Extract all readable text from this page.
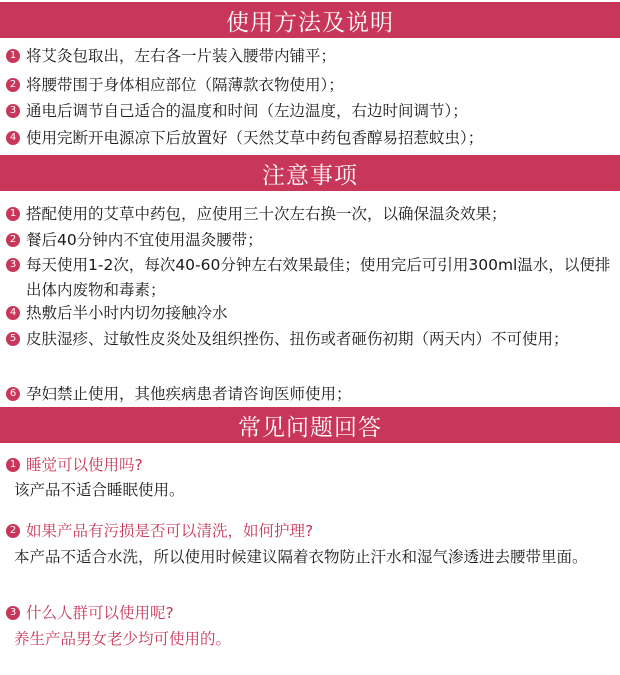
使用方法及说明
1 将艾灸包取出，左右各一片装入腰带内铺平；
2 将腰带围于身体相应部位（隔薄款衣物使用）；
3 通电后调节自己适合的温度和时间（左边温度，右边时间调节）；
4 使用完断开电源凉下后放置好（天然艾草中药包香醇易招惹蚊虫）；
注意事项
1 搭配使用的艾草中药包，应使用三十次左右换一次，以确保温灸效果；
2 餐后40分钟内不宜使用温灸腰带；
3 每天使用1-2次，每次40-60分钟左右效果最佳；使用完后可引用300ml温水，以便排出体内废物和毒素；
4 热敷后半小时内切勿接触冷水
5 皮肤湿疹、过敏性皮炎处及组织挫伤、扭伤或者砸伤初期（两天内）不可使用；
6 孕妇禁止使用，其他疾病患者请咨询医师使用；
常见问题回答
1 睡觉可以使用吗?
该产品不适合睡眠使用。
2 如果产品有污损是否可以清洗，如何护理?
本产品不适合水洗，所以使用时候建议隔着衣物防止汗水和湿气渗透进去腰带里面。
3 什么人群可以使用呢?
养生产品男女老少均可使用的。
